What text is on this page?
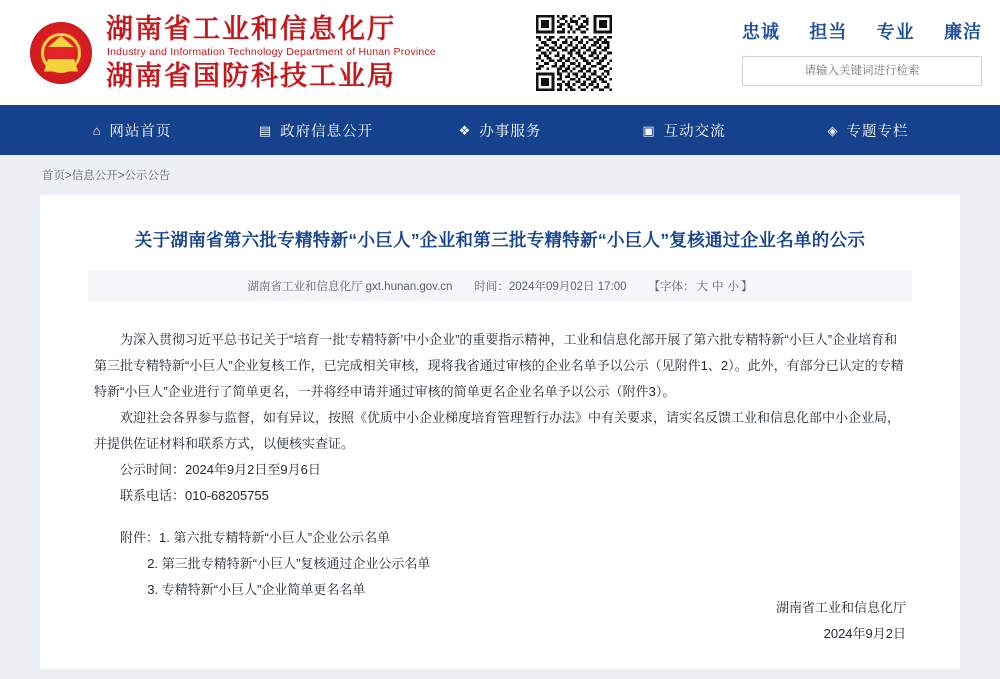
湖南省工业和信息化厅
Industry and Information Technology Department of Hunan Province
湖南省国防科技工业局
忠诚 担当 专业 廉洁
请输入关键词进行检索
⌂ 网站首页	▤ 政府信息公开	❖ 办事服务	▣ 互动交流	◈ 专题专栏
首页>信息公开>公示公告
关于湖南省第六批专精特新“小巨人”企业和第三批专精特新“小巨人”复核通过企业名单的公示
湖南省工业和信息化厅 gxt.hunan.gov.cn 时间：2024年09月02日 17:00 【字体： 大 中 小 】

为深入贯彻习近平总书记关于“培育一批‘专精特新’中小企业”的重要指示精神，工业和信息化部开展了第六批专精特新“小巨人”企业培育和第三批专精特新“小巨人”企业复核工作，已完成相关审核，现将我省通过审核的企业名单予以公示（见附件1、2）。此外，有部分已认定的专精特新“小巨人”企业进行了简单更名，一并将经申请并通过审核的简单更名企业名单予以公示（附件3）。

欢迎社会各界参与监督，如有异议，按照《优质中小企业梯度培育管理暂行办法》中有关要求，请实名反馈工业和信息化部中小企业局，并提供佐证材料和联系方式，以便核实查证。

公示时间：2024年9月2日至9月6日

联系电话：010-68205755

附件：1. 第六批专精特新“小巨人”企业公示名单

2. 第三批专精特新“小巨人”复核通过企业公示名单

3. 专精特新“小巨人”企业简单更名名单

湖南省工业和信息化厅
2024年9月2日
